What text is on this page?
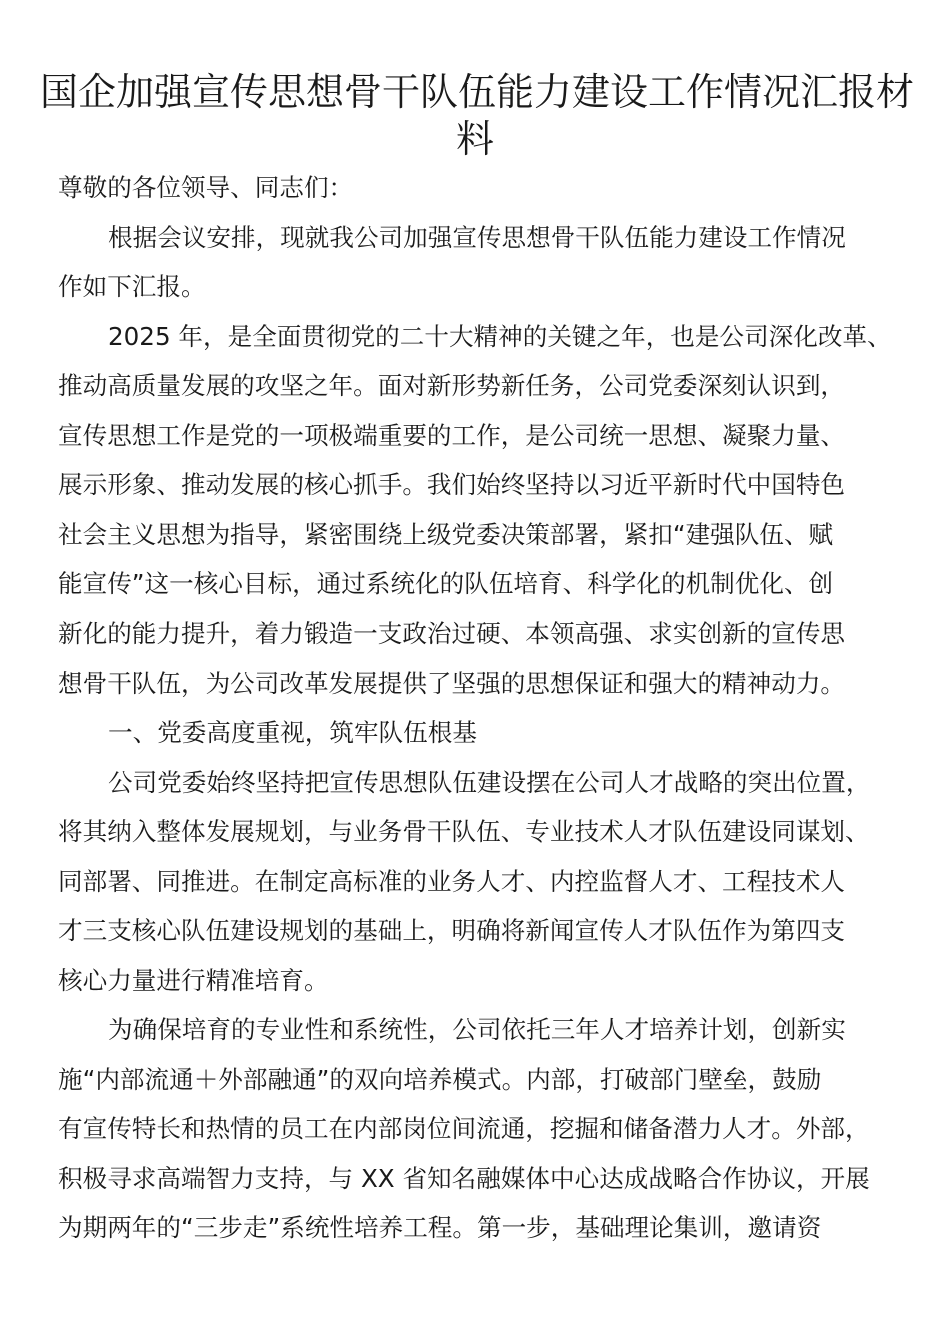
国企加强宣传思想骨干队伍能力建设工作情况汇报材
料
尊敬的各位领导、同志们：
根据会议安排，现就我公司加强宣传思想骨干队伍能力建设工作情况
作如下汇报。
2025 年，是全面贯彻党的二十大精神的关键之年，也是公司深化改革、
推动高质量发展的攻坚之年。面对新形势新任务，公司党委深刻认识到，
宣传思想工作是党的一项极端重要的工作，是公司统一思想、凝聚力量、
展示形象、推动发展的核心抓手。我们始终坚持以习近平新时代中国特色
社会主义思想为指导，紧密围绕上级党委决策部署，紧扣“建强队伍、赋
能宣传”这一核心目标，通过系统化的队伍培育、科学化的机制优化、创
新化的能力提升，着力锻造一支政治过硬、本领高强、求实创新的宣传思
想骨干队伍，为公司改革发展提供了坚强的思想保证和强大的精神动力。
一、党委高度重视，筑牢队伍根基
公司党委始终坚持把宣传思想队伍建设摆在公司人才战略的突出位置，
将其纳入整体发展规划，与业务骨干队伍、专业技术人才队伍建设同谋划、
同部署、同推进。在制定高标准的业务人才、内控监督人才、工程技术人
才三支核心队伍建设规划的基础上，明确将新闻宣传人才队伍作为第四支
核心力量进行精准培育。
为确保培育的专业性和系统性，公司依托三年人才培养计划，创新实
施“内部流通＋外部融通”的双向培养模式。内部，打破部门壁垒，鼓励
有宣传特长和热情的员工在内部岗位间流通，挖掘和储备潜力人才。外部，
积极寻求高端智力支持，与 XX 省知名融媒体中心达成战略合作协议，开展
为期两年的“三步走”系统性培养工程。第一步，基础理论集训，邀请资
